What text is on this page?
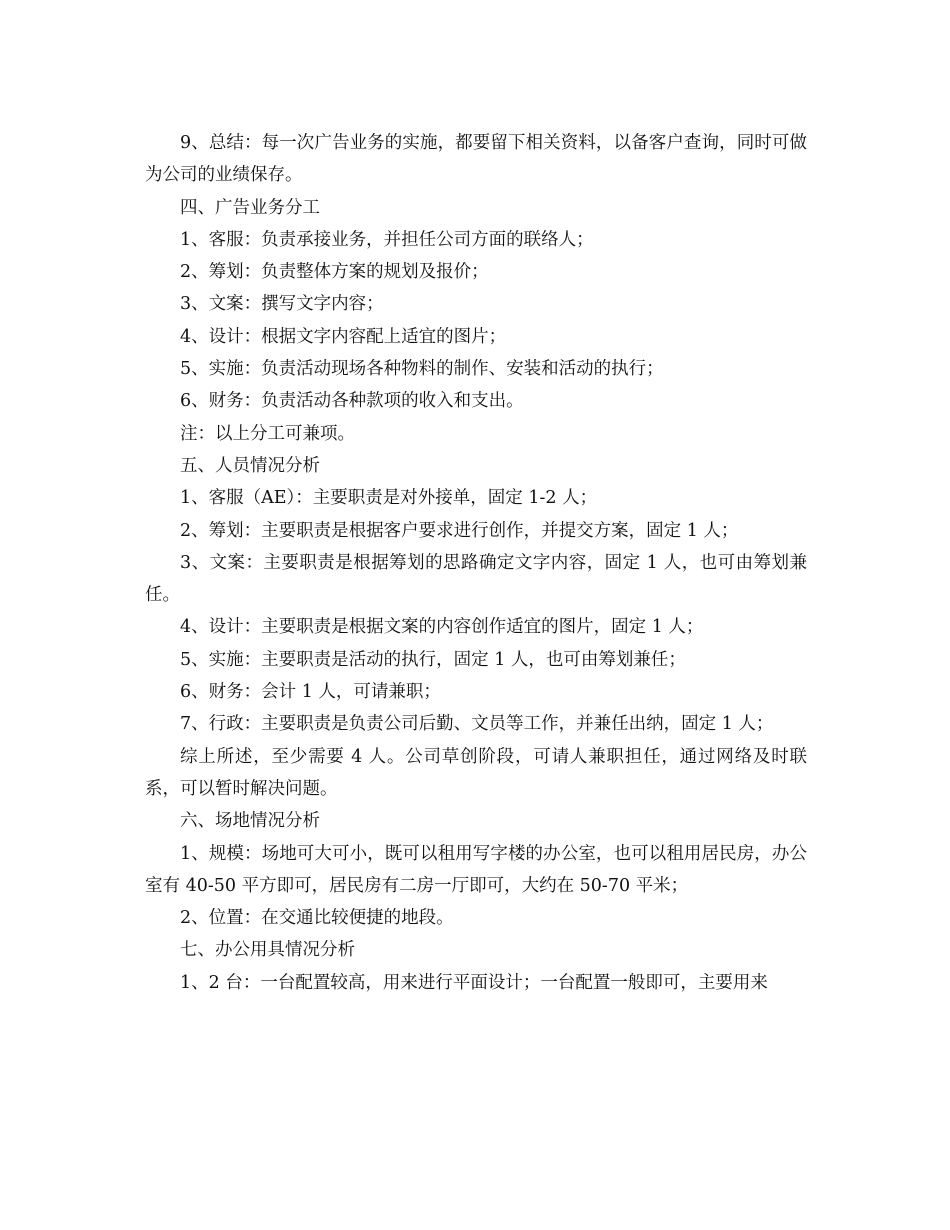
9、总结：每一次广告业务的实施，都要留下相关资料，以备客户查询，同时可做为公司的业绩保存。

四、广告业务分工

1、客服：负责承接业务，并担任公司方面的联络人；

2、筹划：负责整体方案的规划及报价；

3、文案：撰写文字内容；

4、设计：根据文字内容配上适宜的图片；

5、实施：负责活动现场各种物料的制作、安装和活动的执行；

6、财务：负责活动各种款项的收入和支出。

注：以上分工可兼项。

五、人员情况分析

1、客服（AE）：主要职责是对外接单，固定 1-2 人；

2、筹划：主要职责是根据客户要求进行创作，并提交方案，固定 1 人；

3、文案：主要职责是根据筹划的思路确定文字内容，固定 1 人，也可由筹划兼任。

4、设计：主要职责是根据文案的内容创作适宜的图片，固定 1 人；

5、实施：主要职责是活动的执行，固定 1 人，也可由筹划兼任；

6、财务：会计 1 人，可请兼职；

7、行政：主要职责是负责公司后勤、文员等工作，并兼任出纳，固定 1 人；

综上所述，至少需要 4 人。公司草创阶段，可请人兼职担任，通过网络及时联系，可以暂时解决问题。

六、场地情况分析

1、规模：场地可大可小，既可以租用写字楼的办公室，也可以租用居民房，办公室有 40-50 平方即可，居民房有二房一厅即可，大约在 50-70 平米；

2、位置：在交通比较便捷的地段。

七、办公用具情况分析

1、2 台：一台配置较高，用来进行平面设计；一台配置一般即可，主要用来
